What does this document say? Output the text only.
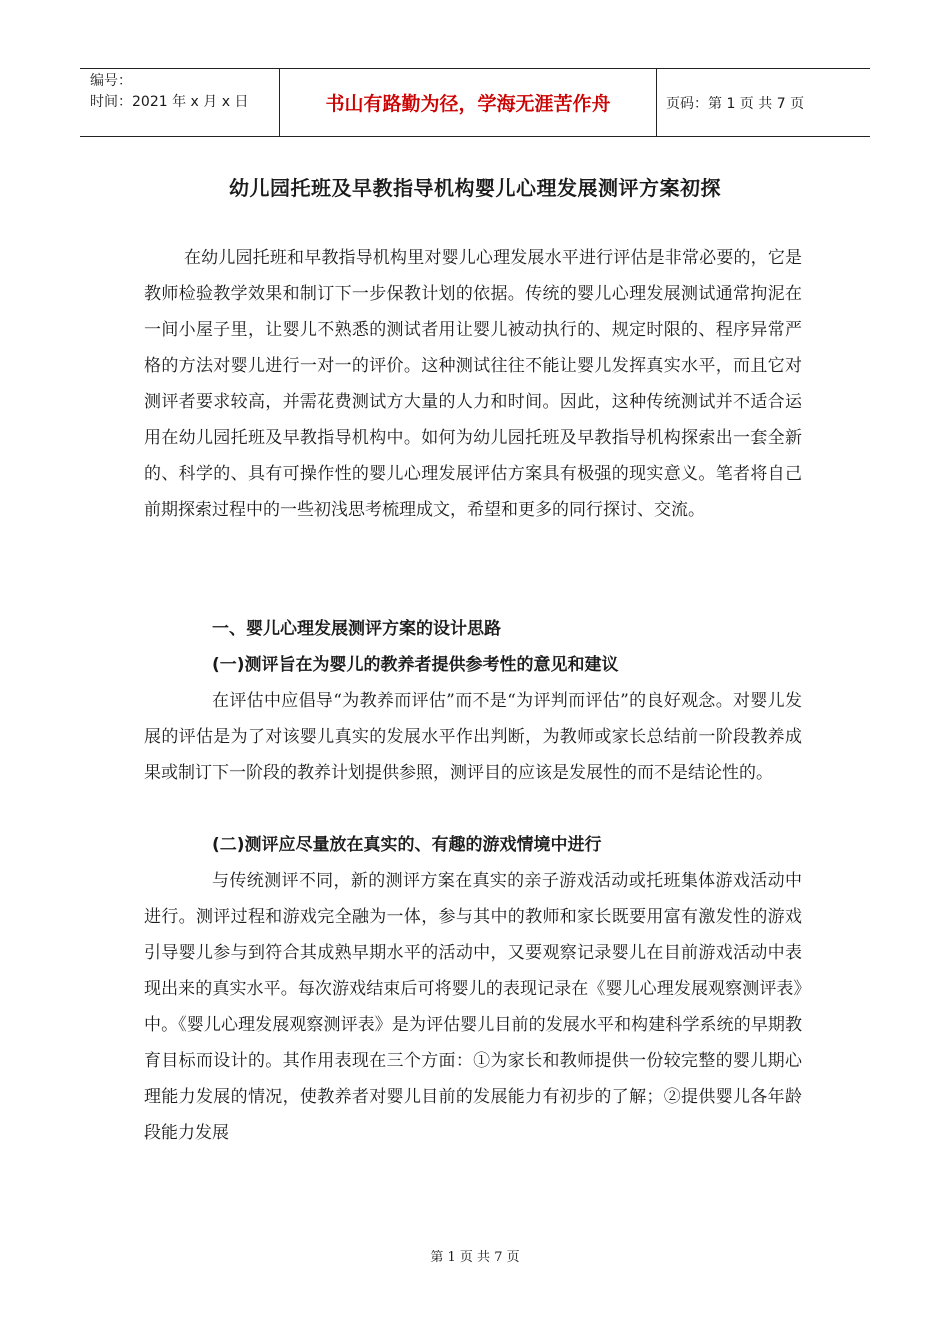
编号：
时间：2021 年 x 月 x 日	书山有路勤为径，学海无涯苦作舟	页码：第 1 页 共 7 页
幼儿园托班及早教指导机构婴儿心理发展测评方案初探

在幼儿园托班和早教指导机构里对婴儿心理发展水平进行评估是非常必要的，它是教师检验教学效果和制订下一步保教计划的依据。传统的婴儿心理发展测试通常拘泥在一间小屋子里，让婴儿不熟悉的测试者用让婴儿被动执行的、规定时限的、程序异常严格的方法对婴儿进行一对一的评价。这种测试往往不能让婴儿发挥真实水平，而且它对测评者要求较高，并需花费测试方大量的人力和时间。因此，这种传统测试并不适合运用在幼儿园托班及早教指导机构中。如何为幼儿园托班及早教指导机构探索出一套全新的、科学的、具有可操作性的婴儿心理发展评估方案具有极强的现实意义。笔者将自己前期探索过程中的一些初浅思考梳理成文，希望和更多的同行探讨、交流。

一、婴儿心理发展测评方案的设计思路

(一)测评旨在为婴儿的教养者提供参考性的意见和建议

在评估中应倡导“为教养而评估”而不是“为评判而评估”的良好观念。对婴儿发展的评估是为了对该婴儿真实的发展水平作出判断，为教师或家长总结前一阶段教养成果或制订下一阶段的教养计划提供参照，测评目的应该是发展性的而不是结论性的。

(二)测评应尽量放在真实的、有趣的游戏情境中进行

与传统测评不同，新的测评方案在真实的亲子游戏活动或托班集体游戏活动中进行。测评过程和游戏完全融为一体，参与其中的教师和家长既要用富有激发性的游戏引导婴儿参与到符合其成熟早期水平的活动中，又要观察记录婴儿在目前游戏活动中表现出来的真实水平。每次游戏结束后可将婴儿的表现记录在《婴儿心理发展观察测评表》中。《婴儿心理发展观察测评表》是为评估婴儿目前的发展水平和构建科学系统的早期教育目标而设计的。其作用表现在三个方面：①为家长和教师提供一份较完整的婴儿期心理能力发展的情况，使教养者对婴儿目前的发展能力有初步的了解；②提供婴儿各年龄段能力发展

第 1 页 共 7 页
